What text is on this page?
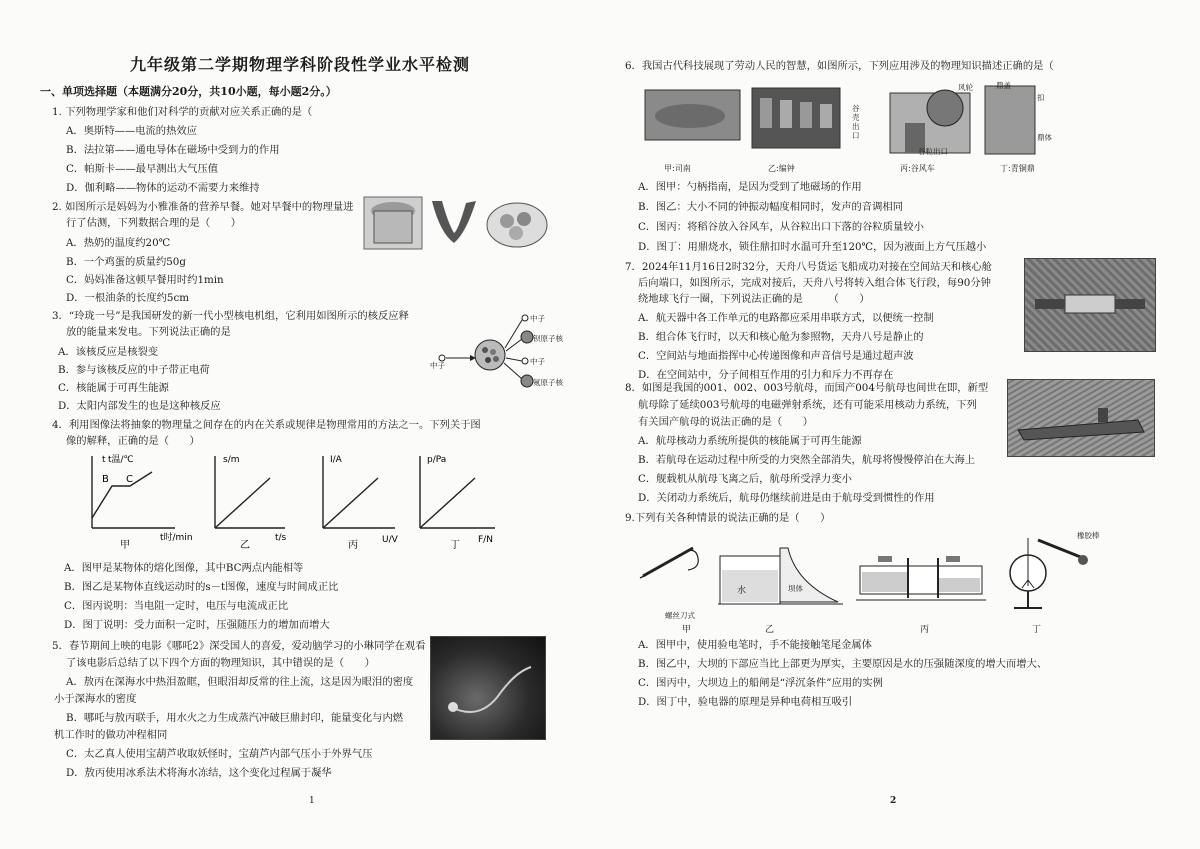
九年级第二学期物理学科阶段性学业水平检测
一、单项选择题（本题满分20分，共10小题，每小题2分。）
1. 下列物理学家和他们对科学的贡献对应关系正确的是（
A．奥斯特——电流的热效应
B．法拉第——通电导体在磁场中受到力的作用
C．帕斯卡——最早测出大气压值
D．伽利略——物体的运动不需要力来维持
2. 如图所示是妈妈为小雅准备的营养早餐。她对早餐中的物理量进
行了估测，下列数据合理的是（　　）
A．热奶的温度约20℃
B．一个鸡蛋的质量约50g
C．妈妈准备这顿早餐用时约1min
D．一根油条的长度约5cm
3．“玲珑一号”是我国研发的新一代小型核电机组，它利用如图所示的核反应释
放的能量来发电。下列说法正确的是
A．该核反应是核裂变
B．参与该核反应的中子带正电荷
C．核能属于可再生能源
D．太阳内部发生的也是这种核反应
中子
中子
中子
钡原子核
氪原子核
4．利用图像法将抽象的物理量之间存在的内在关系或规律是物理常用的方法之一。下列关于图
像的解释，正确的是（　　）
t t温/℃
B C
t时/min
甲
s/m
t/s
乙
I/A
U/V
丙
p/Pa
F/N
丁
A．图甲是某物体的熔化图像，其中BC两点内能相等
B．图乙是某物体直线运动时的s－t图像，速度与时间成正比
C．图丙说明：当电阻一定时，电压与电流成正比
D．图丁说明：受力面积一定时，压强随压力的增加而增大
5．春节期间上映的电影《哪吒2》深受国人的喜爱，爱动脑学习的小琳同学在观看
了该电影后总结了以下四个方面的物理知识，其中错误的是（　　）
A．敖丙在深海水中热泪盈眶，但眼泪却反常的往上流，这是因为眼泪的密度
小于深海水的密度
B．哪吒与敖丙联手，用水火之力生成蒸汽冲破巨鼎封印，能量变化与内燃
机工作时的做功冲程相同
C．太乙真人使用宝葫芦收取妖怪时，宝葫芦内部气压小于外界气压
D．敖丙使用冰系法术将海水冻结，这个变化过程属于凝华
1
6．我国古代科技展现了劳动人民的智慧，如图所示，下列应用涉及的物理知识描述正确的是（
谷壳出口
风轮
谷粒出口
鼎盖
扣
鼎体
甲:司南	乙:编钟	丙:谷风车	丁:青铜鼎
A．图甲：勺柄指南，是因为受到了地磁场的作用
B．图乙：大小不同的钟振动幅度相同时，发声的音调相同
C．图丙：将稻谷放入谷风车，从谷粒出口下落的谷粒质量较小
D．图丁：用鼎烧水，锁住鼎扣时水温可升至120℃，因为液面上方气压越小
7．2024年11月16日2时32分，天舟八号货运飞船成功对接在空间站天和核心舱
后向端口，如图所示，完成对接后，天舟八号将转入组合体飞行段，每90分钟
绕地球飞行一圈，下列说法正确的是　　　（　　）
A．航天器中各工作单元的电路都应采用串联方式，以便统一控制
B．组合体飞行时，以天和核心舱为参照物，天舟八号是静止的
C．空间站与地面指挥中心传递图像和声音信号是通过超声波
D．在空间站中，分子间相互作用的引力和斥力不再存在
8．如图是我国的001、002、003号航母，而国产004号航母也间世在即，新型
航母除了延续003号航母的电磁弹射系统，还有可能采用核动力系统，下列
有关国产航母的说法正确的是（　　）
A．航母核动力系统所提供的核能属于可再生能源
B．若航母在运动过程中所受的力突然全部消失，航母将慢慢停泊在大海上
C．舰载机从航母飞离之后，航母所受浮力变小
D．关闭动力系统后，航母仍继续前进是由于航母受到惯性的作用
9.下列有关各种情景的说法正确的是（　　）
螺丝刀式
水	坝体
橡胶棒
甲	乙	丙	丁
A．图甲中，使用验电笔时，手不能接触笔尾金属体
B．图乙中，大坝的下部应当比上部更为厚实，主要原因是水的压强随深度的增大而增大、
C．图丙中，大坝边上的船闸是“浮沉条件”应用的实例
D．图丁中，验电器的原理是异种电荷相互吸引
2
